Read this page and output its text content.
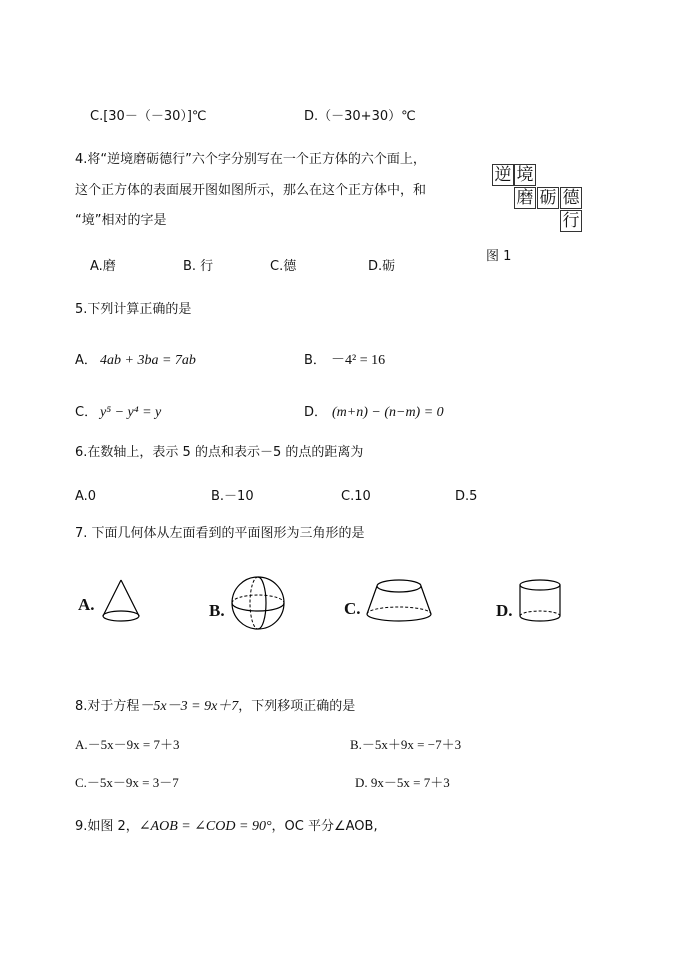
C.[30－（－30）]℃	D.（－30+30）℃
4.将“逆境磨砺德行”六个字分别写在一个正方体的六个面上，
这个正方体的表面展开图如图所示，那么在这个正方体中，和
“境”相对的字是
A.磨	B. 行	C.德	D.砺
逆 境
磨 砺 德
行
图 1
5.下列计算正确的是
A． 4ab + 3ba = 7ab	B． －4² = 16
C． y⁵ − y⁴ = y	D． (m+n) − (n−m) = 0
6.在数轴上，表示 5 的点和表示－5 的点的距离为
A.0	B.－10	C.10	D.5
7. 下面几何体从左面看到的平面图形为三角形的是
A.	B.	C.	D.
8.对于方程－5x－3 = 9x＋7，下列移项正确的是
A.－5x－9x = 7＋3	B.－5x＋9x = −7＋3
C.－5x－9x = 3－7	D. 9x－5x = 7＋3
9.如图 2，∠AOB = ∠COD = 90°，OC 平分∠AOB,
